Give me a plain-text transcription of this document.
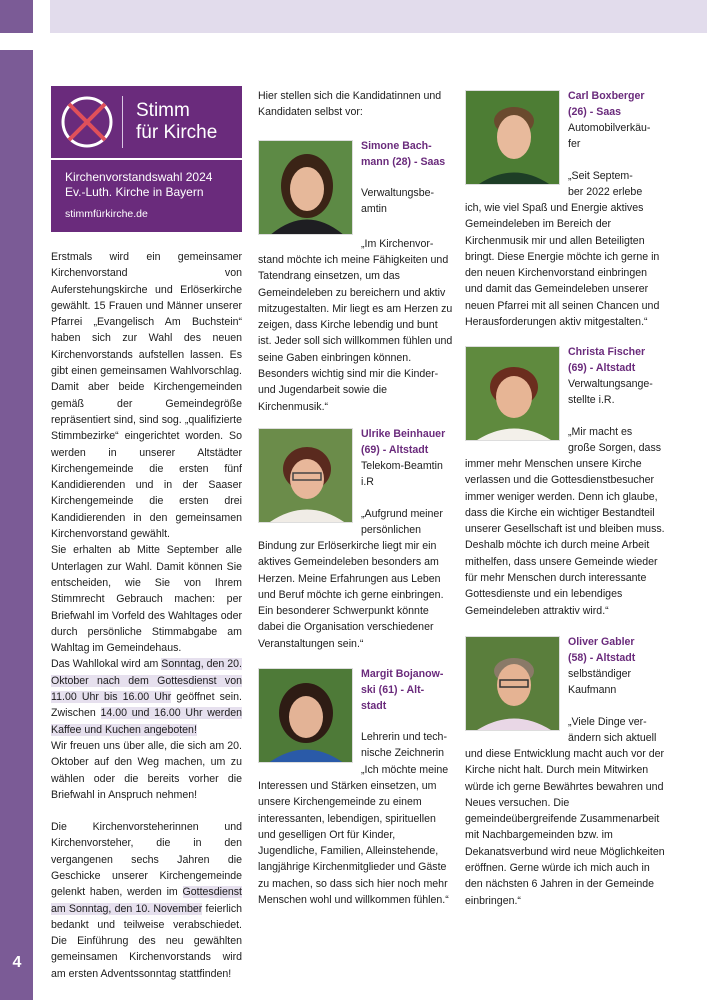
4
Stimm
für Kirche
Kirchenvorstandswahl 2024
Ev.-Luth. Kirche in Bayern
stimmfürkirche.de

Erstmals wird ein gemeinsamer Kirchenvorstand von Auferstehungskirche und Erlöserkirche gewählt. 15 Frauen und Männer unserer Pfarrei „Evangelisch Am Buchstein“ haben sich zur Wahl des neuen Kirchenvorstands aufstellen lassen. Es gibt einen gemeinsamen Wahlvorschlag. Damit aber beide Kirchengemeinden gemäß der Gemeindegröße repräsentiert sind, sind sog. „qualifizierte Stimmbezirke“ eingerichtet worden. So werden in unserer Altstädter Kirchengemeinde die ersten fünf Kandidierenden und in der Saaser Kirchengemeinde die ersten drei Kandidierenden in den gemeinsamen Kirchenvorstand gewählt.

Sie erhalten ab Mitte September alle Unterlagen zur Wahl. Damit können Sie entscheiden, wie Sie von Ihrem Stimmrecht Gebrauch machen: per Briefwahl im Vorfeld des Wahltages oder durch persönliche Stimmabgabe am Wahltag im Gemeindehaus.

Das Wahllokal wird am Sonntag, den 20. Oktober nach dem Gottesdienst von 11.00 Uhr bis 16.00 Uhr geöffnet sein. Zwischen 14.00 und 16.00 Uhr werden Kaffee und Kuchen angeboten!

Wir freuen uns über alle, die sich am 20. Oktober auf den Weg machen, um zu wählen oder die bereits vorher die Briefwahl in Anspruch nehmen!

Die Kirchenvorsteherinnen und Kirchenvorsteher, die in den vergangenen sechs Jahren die Geschicke unserer Kirchengemeinde gelenkt haben, werden im Gottesdienst am Sonntag, den 10. November feierlich bedankt und teilweise verabschiedet. Die Einführung des neu gewählten gemeinsamen Kirchenvorstands wird am ersten Adventssonntag stattfinden!

Hier stellen sich die Kandidatinnen und Kandidaten selbst vor:
Simone Bach-
mann (28) - Saas
Verwaltungsbe-
amtin
„Im Kirchenvor-
stand möchte ich meine Fähigkeiten und Tatendrang einsetzen, um das Gemeindeleben zu bereichern und aktiv mitzugestalten. Mir liegt es am Herzen zu zeigen, dass Kirche lebendig und bunt ist. Jeder soll sich willkommen fühlen und seine Gaben einbringen können. Besonders wichtig sind mir die Kinder- und Jugendarbeit sowie die Kirchenmusik.“
Ulrike Beinhauer
(69) - Altstadt
Telekom-Beamtin
i.R
„Aufgrund meiner
persönlichen
Bindung zur Erlöserkirche liegt mir ein aktives Gemeindeleben besonders am Herzen. Meine Erfahrungen aus Leben und Beruf möchte ich gerne einbringen. Ein besonderer Schwerpunkt könnte dabei die Organisation verschiedener Veranstaltungen sein.“
Margit Bojanow-
ski (61) - Alt-
stadt
Lehrerin und tech-
nische Zeichnerin
„Ich möchte meine
Interessen und Stärken einsetzen, um unsere Kirchengemeinde zu einem interessanten, lebendigen, spirituellen und geselligen Ort für Kinder, Jugendliche, Familien, Alleinstehende, langjährige Kirchenmitglieder und Gäste zu machen, so dass sich hier noch mehr Menschen wohl und willkommen fühlen.“
Carl Boxberger
(26) - Saas
Automobilverkäu-
fer
„Seit Septem-
ber 2022 erlebe
ich, wie viel Spaß und Energie aktives Gemeindeleben im Bereich der Kirchenmusik mir und allen Beteiligten bringt. Diese Energie möchte ich gerne in den neuen Kirchenvorstand einbringen und damit das Gemeindeleben unserer neuen Pfarrei mit all seinen Chancen und Herausforderungen aktiv mitgestalten.“
Christa Fischer
(69) - Altstadt
Verwaltungsange-
stellte i.R.
„Mir macht es
große Sorgen, dass
immer mehr Menschen unsere Kirche verlassen und die Gottesdienstbesucher immer weniger werden. Denn ich glaube, dass die Kirche ein wichtiger Bestandteil unserer Gesellschaft ist und bleiben muss. Deshalb möchte ich durch meine Arbeit mithelfen, dass unsere Gemeinde wieder für mehr Menschen durch interessante Gottesdienste und ein lebendiges Gemeindeleben attraktiv wird.“
Oliver Gabler
(58) - Altstadt
selbständiger
Kaufmann
„Viele Dinge ver-
ändern sich aktuell
und diese Entwicklung macht auch vor der Kirche nicht halt. Durch mein Mitwirken würde ich gerne Bewährtes bewahren und Neues versuchen. Die gemeindeübergreifende Zusammenarbeit mit Nachbargemeinden bzw. im Dekanatsverbund wird neue Möglichkeiten eröffnen. Gerne würde ich mich auch in den nächsten 6 Jahren in der Gemeinde einbringen.“
